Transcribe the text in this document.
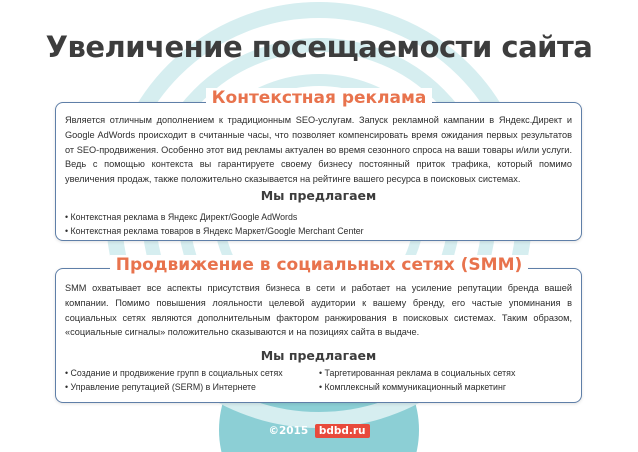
Увеличение посещаемости сайта

Является отличным дополнением к традиционным SEO-услугам. Запуск рекламной кампании в Яндекс.Директ и Google AdWords происходит в считанные часы, что позволяет компенсировать время ожидания первых результатов от SEO-продвижения. Особенно этот вид рекламы актуален во время сезонного спроса на ваши товары и/или услуги. Ведь с помощью контекста вы гарантируете своему бизнесу постоянный приток трафика, который помимо увеличения продаж, также положительно сказывается на рейтинге вашего ресурса в поисковых системах.

Мы предлагаем
• Контекстная реклама в Яндекс Директ/Google AdWords
• Контекстная реклама товаров в Яндекс Маркет/Google Merchant Center
Контекстная реклама

SMM охватывает все аспекты присутствия бизнеса в сети и работает на усиление репутации бренда вашей компании. Помимо повышения лояльности целевой аудитории к вашему бренду, его частые упоминания в социальных сетях являются дополнительным фактором ранжирования в поисковых системах. Таким образом, «социальные сигналы» положительно сказываются и на позициях сайта в выдаче.

Мы предлагаем
• Создание и продвижение групп в социальных сетях
• Управление репутацией (SERM) в Интернете
• Таргетированная реклама в социальных сетях
• Комплексный коммуникационный маркетинг
Продвижение в социальных сетях (SMM)
©2015 bdbd.ru
